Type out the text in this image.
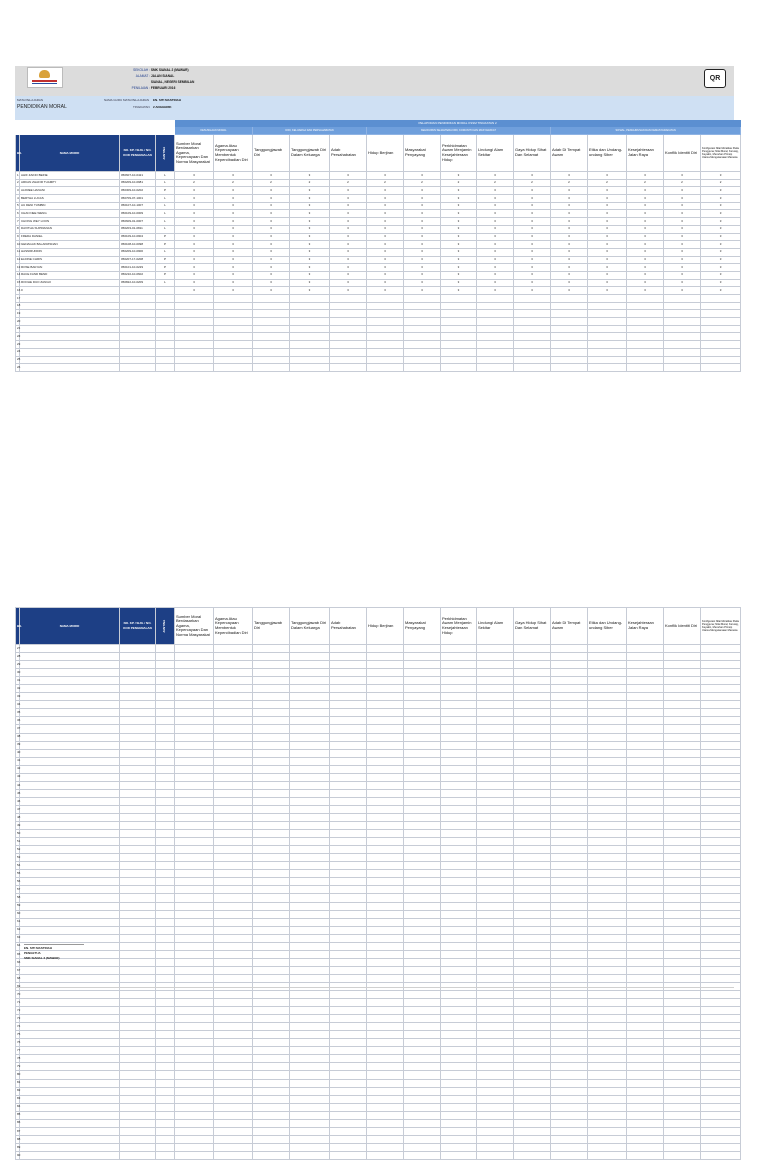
SEKOLAH : SMK SIANAL 2 (MAWAR)
ALAMAT : JALAN SIANAL
SIANAL, NEGERI SEMBILAN
PENILAIAN : FEBRUARI 2016
QR
MATA PELAJARAN
PENDIDIKAN MORAL
NAMA GURU MATA PELAJARAN EN. SITI MASTINAH
TINGKATAN 2 ANGGERIK
				PELAPORAN PENDIDIKAN MORAL KSSM TINGKATAN 2														
				KESUSILAAN MORAL		DIRI, KELUARGA DAN PERSAHABATAN			KEHIDUPAN SEJAHTERA DIRI, KOMUNITI DAN MASYARAKAT					SOSIAL, PENGURUSAN DAN KEMASYARAKATAN				
BIL	NAMA MURID	NO. KP / SIJIL / NO. KOD PENGENALAN	JANTINA	Sumber Moral Berdasarkan Agama, Kepercayaan Dan Norma Masyarakat	Agama Atau Kepercayaan Membentuk Kepercibadian Diri	Tanggungjawab Diri	Tanggungjawab Diri Dalam Keluarga	Adab Persahabatan	Hidup Berjiran	Masyarakat Penyayang	Perkhidmatan Awam Menjamin Kesejahteraan Hidup	Lindungi Alam Sekitar	Gaya Hidup Sihat Dan Selamat	Adab Di Tempat Awam	Etika dan Undang-undang Siber	Kesejahteraan Jalan Raya	Konflik Identiti Diri	Konfigurasi Nilai Moralitas Pada Pengguna; Nilai Moral, Kerusig, Keyakin, Menuhan Prinsip Utama Mengutamaan Manusia
1	AHIF ZAINO BEINE	050607-10-0421	L	3	3	3	3	3	3	3	3	3	3	3	3	3	3	3
2	ARKAN ZHAFIR TUAMPY	050209-10-0981	L	2	2	2	2	2	2	2	2	2	2	2	2	2	2	2
3	ALFREE HANANI	050309-10-0202	P	3	3	3	3	3	3	3	3	3	3	3	3	3	3	3
4	BERTHA LUCAS	050709-07-1001	L	3	3	3	3	3	3	3	3	3	3	3	3	3	3	3
5	AU DENI TUMBIN	050107-10-1007	L	3	3	3	3	3	3	3	3	3	3	3	3	3	3	3
6	CHAN NEE WENG	050109-10-0009	L	3	3	3	3	3	3	3	3	3	3	3	3	3	3	3
7	CHONG WEY LOON	050609-01-0007	L	3	3	3	3	3	3	3	3	3	3	3	3	3	3	3
8	DAVITHA SUPRIANAN	050203-01-0811	L	3	3	3	3	3	3	3	3	3	3	3	3	3	3	3
9	FREDA DANIEL	050109-10-0904	P	3	3	3	3	3	3	3	3	3	3	3	3	3	3	3
10	GENAGAK BALAKRISNAN	050108-10-0098	P	3	3	3	3	3	3	3	3	3	3	3	3	3	3	3
11	HASNIRUDDIN	050209-10-0900	L	3	3	3	3	3	3	3	3	3	3	3	3	3	3	3
12	ELDINE CHRIS	050207-17-0208	P	3	3	3	3	3	3	3	3	3	3	3	3	3	3	3
13	ROSE BAR RAI	050101-10-0229	P	3	3	3	3	3	3	3	3	3	3	3	3	3	3	3
14	RACE FAND BEND	050210-10-0602	P	3	3	3	3	3	3	3	3	3	3	3	3	3	3	3
15	ROOHE DUO ZANGO	050822-10-0209	L	3	3	3	3	3	3	3	3	3	3	3	3	3	3	3
16	0			3	3	3	3	3	3	3	3	3	3	3	3	3	3	3
17																		
18																		
19																		
20																		
21																		
22																		
23																		
24																		
25																		
26																		
BIL	NAMA MURID	NO. KP / SIJIL / NO. KOD PENGENALAN	JANTINA	Sumber Moral Berdasarkan Agama, Kepercayaan Dan Norma Masyarakat	Agama Atau Kepercayaan Membentuk Kepercibadian Diri	Tanggungjawab Diri	Tanggungjawab Diri Dalam Keluarga	Adab Persahabatan	Hidup Berjiran	Masyarakat Penyayang	Perkhidmatan Awam Menjamin Kesejahteraan Hidup	Lindungi Alam Sekitar	Gaya Hidup Sihat Dan Selamat	Adab Di Tempat Awam	Etika dan Undang-undang Siber	Kesejahteraan Jalan Raya	Konflik Identiti Diri	Konfigurasi Nilai Moralitas Pada Pengguna; Nilai Moral, Kerusig, Keyakin, Menuhan Prinsip Utama Mengutamaan Manusia
27																		
28																		
29																		
30																		
31																		
32																		
33																		
34																		
35																		
36																		
37																		
38																		
39																		
40																		
41																		
42																		
43																		
44																		
45																		
46																		
47																		
48																		
49																		
50																		
51																		
52																		
53																		
54																		
55																		
56																		
57																		
58																		
59																		
60																		
61																		
62																		
63																		
64																		
65																		
66																		
67																		
68																		
69																		
70																		
71																		
72																		
73																		
74																		
75																		
76																		
77																		
78																		
79																		
80																		
81																		
82																		
83																		
84																		
85																		
86																		
87																		
88																		
89																		
90																		
EN. SITI MASTINAH
PENGETUA
SMK SIANAL 2 (MAWAR)
